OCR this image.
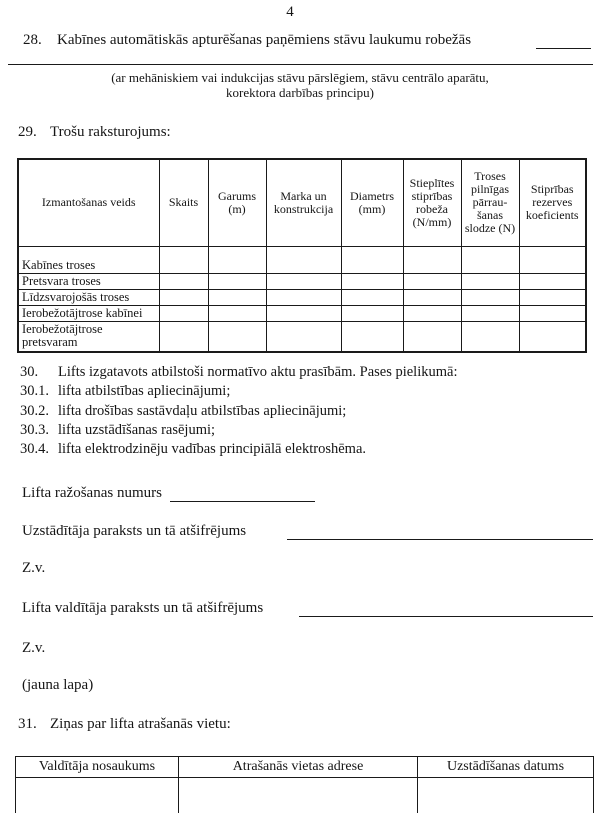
4
28.	Kabīnes automātiskās apturēšanas paņēmiens stāvu laukumu robežās
(ar mehāniskiem vai indukcijas stāvu pārslēgiem, stāvu centrālo aparātu,
korektora darbības principu)
29. Trošu raksturojums:
Izmantošanas veids	Skaits	Garums (m)	Marka un konstrukcija	Diametrs (mm)	Stieplītes stiprības robeža (N/mm)	Troses pilnīgas pārrau-šanas slodze (N)	Stiprības rezerves koeficients
Kabīnes troses							
Pretsvara troses							
Līdzsvarojošās troses							
Ierobežotājtrose kabīnei							
Ierobežotājtrose pretsvaram							
30.	Lifts izgatavots atbilstoši normatīvo aktu prasībām. Pases pielikumā:
30.1. lifta atbilstības apliecinājumi;
30.2. lifta drošības sastāvdaļu atbilstības apliecinājumi;
30.3. lifta uzstādīšanas rasējumi;
30.4. lifta elektrodzinēju vadības principiālā elektroshēma.
Lifta ražošanas numurs
Uzstādītāja paraksts un tā atšifrējums
Z.v.
Lifta valdītāja paraksts un tā atšifrējums
Z.v.
(jauna lapa)
31. Ziņas par lifta atrašanās vietu:
Valdītāja nosaukums	Atrašanās vietas adrese	Uzstādīšanas datums
